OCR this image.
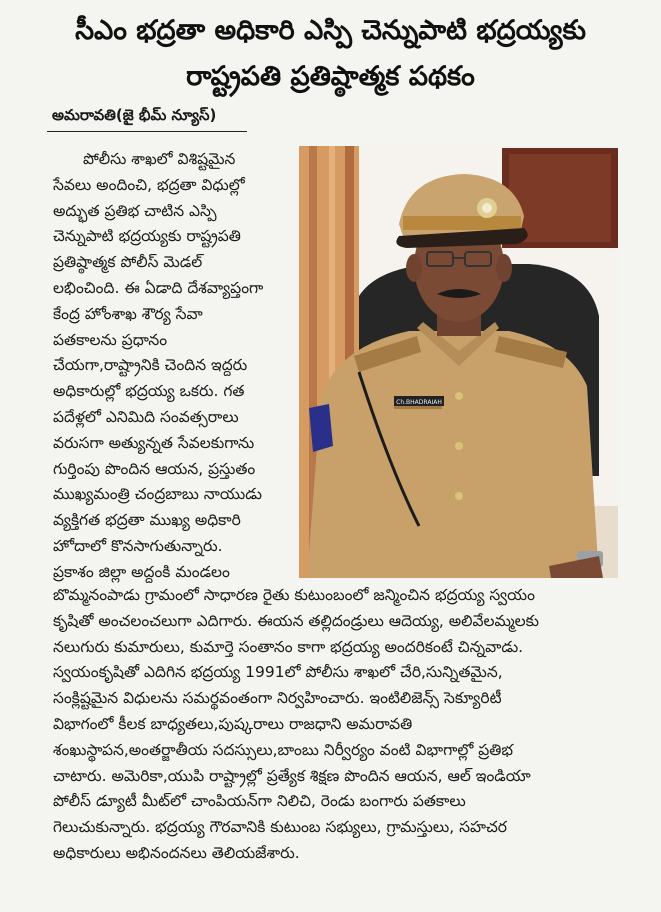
సీఎం భద్రతా అధికారి ఎస్పి చెన్నుపాటి భద్రయ్యకు
రాష్ట్రపతి ప్రతిష్ఠాత్మక పథకం
అమరావతి(జై భీమ్ న్యూస్)
పోలీసు శాఖలో విశిష్టమైన
సేవలు అందించి, భద్రతా విధుల్లో
అద్భుత ప్రతిభ చాటిన ఎస్పి
చెన్నుపాటి భద్రయ్యకు రాష్ట్రపతి
ప్రతిష్ఠాత్మక పోలీస్ మెడల్
లభించింది. ఈ ఏడాది దేశవ్యాప్తంగా
కేంద్ర హోంశాఖ శౌర్య సేవా
పతకాలను ప్రధానం
చేయగా,రాష్ట్రానికి చెందిన ఇద్దరు
అధికారుల్లో భద్రయ్య ఒకరు. గత
పదేళ్లలో ఎనిమిది సంవత్సరాలు
వరుసగా అత్యున్నత సేవలకుగాను
గుర్తింపు పొందిన ఆయన, ప్రస్తుతం
ముఖ్యమంత్రి చంద్రబాబు నాయుడు
వ్యక్తిగత భద్రతా ముఖ్య అధికారి
హోదాలో కొనసాగుతున్నారు.
ప్రకాశం జిల్లా అద్దంకి మండలం
Ch.BHADRAIAH
బొమ్మనంపాడు గ్రామంలో సాధారణ రైతు కుటుంబంలో జన్మించిన భద్రయ్య స్వయం
కృషితో అంచలంచలుగా ఎదిగారు. ఈయన తల్లిదండ్రులు ఆదెయ్య, అలివేలమ్మలకు
నలుగురు కుమారులు, కుమార్తె సంతానం కాగా భద్రయ్య అందరికంటే చిన్నవాడు.
స్వయంకృషితో ఎదిగిన భద్రయ్య 1991లో పోలీసు శాఖలో చేరి,సున్నితమైన,
సంక్లిష్టమైన విధులను సమర్థవంతంగా నిర్వహించారు. ఇంటిలిజెన్స్ సెక్యూరిటీ
విభాగంలో కీలక బాధ్యతలు,పుష్కరాలు రాజధాని అమరావతి
శంఖుస్థాపన,అంతర్జాతీయ సదస్సులు,బాంబు నిర్వీర్యం వంటి విభాగాల్లో ప్రతిభ
చాటారు. అమెరికా,యుపి రాష్ట్రాల్లో ప్రత్యేక శిక్షణ పొందిన ఆయన, ఆల్ ఇండియా
పోలీస్ డ్యూటీ మీట్‌లో చాంపియన్‌గా నిలిచి, రెండు బంగారు పతకాలు
గెలుచుకున్నారు. భద్రయ్య గౌరవానికి కుటుంబ సభ్యులు, గ్రామస్తులు, సహచర
అధికారులు అభినందనలు తెలియజేశారు.
